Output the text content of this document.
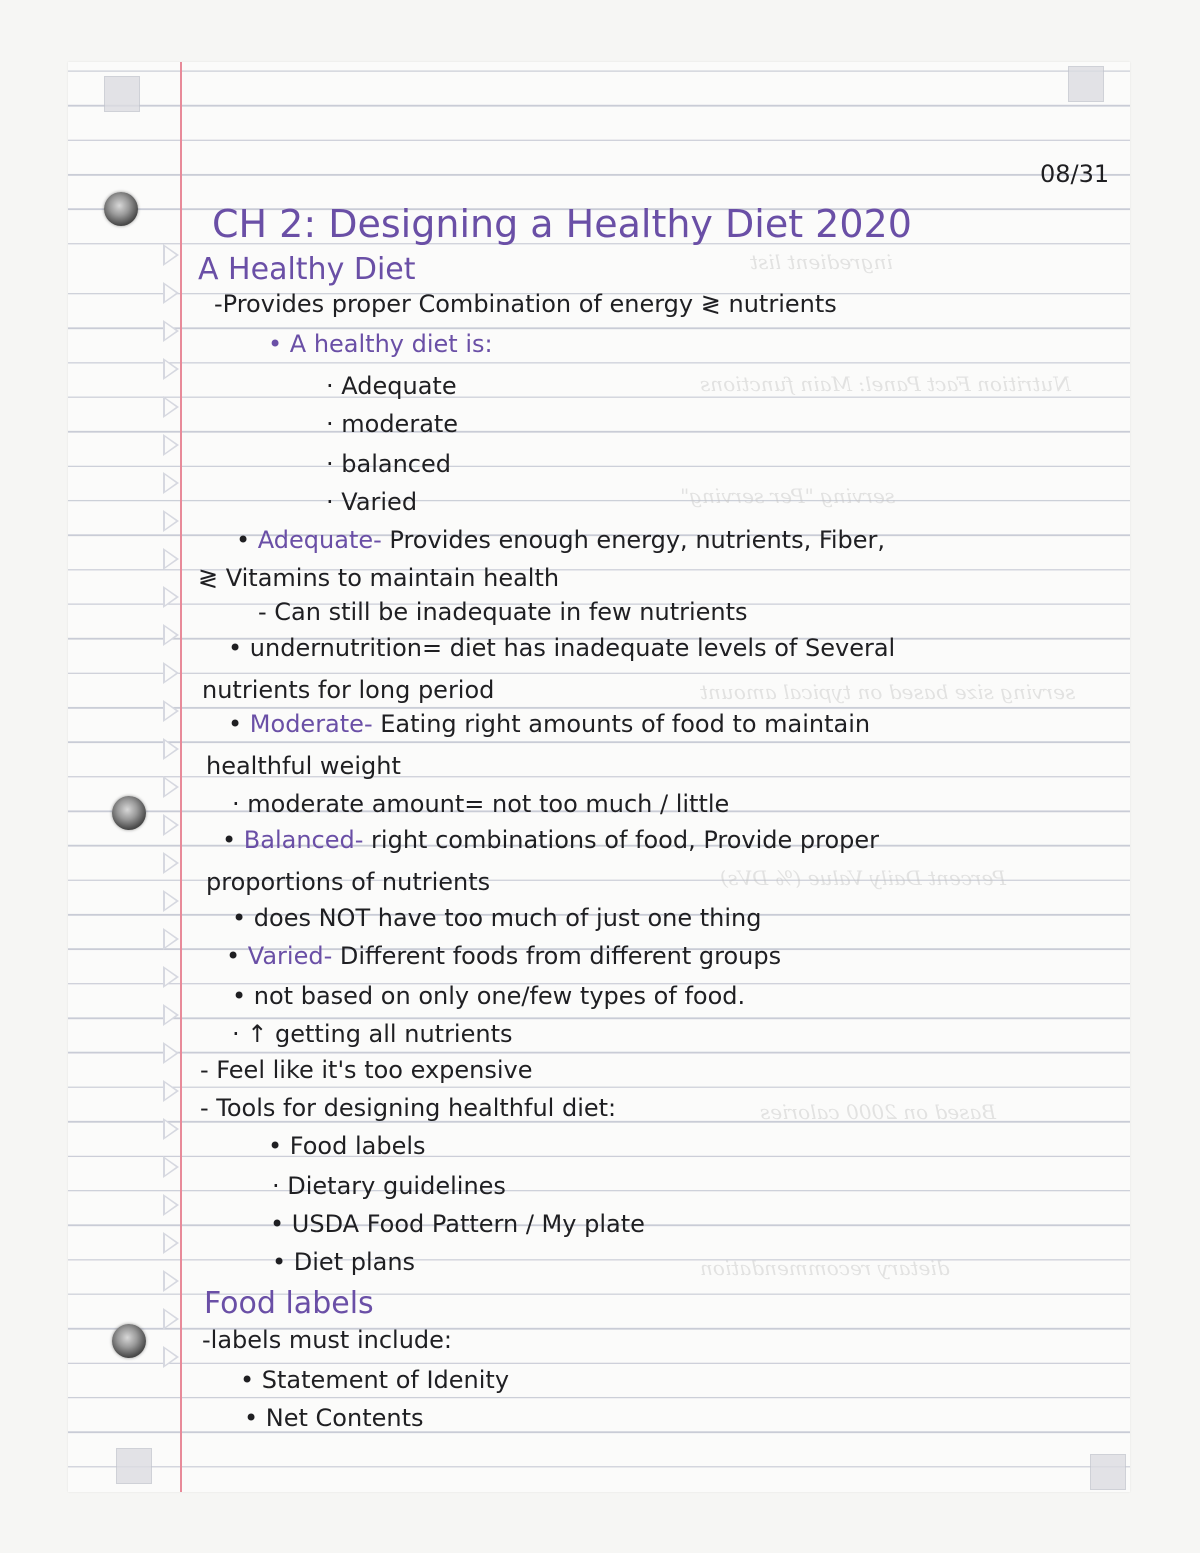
ingredient list
Nutrition Fact Panel: Main functions
serving "Per serving"
serving size based on typical amount
Percent Daily Value (% DVs)
Based on 2000 calories
dietary recommendation
08/31
CH 2: Designing a Healthy Diet 2020
A Healthy Diet
-Provides proper Combination of energy ≷ nutrients
• A healthy diet is:
· Adequate
· moderate
· balanced
· Varied
• Adequate- Provides enough energy, nutrients, Fiber,
≷ Vitamins to maintain health
- Can still be inadequate in few nutrients
• undernutrition= diet has inadequate levels of Several
nutrients for long period
• Moderate- Eating right amounts of food to maintain
healthful weight
· moderate amount= not too much / little
• Balanced- right combinations of food, Provide proper
proportions of nutrients
• does NOT have too much of just one thing
• Varied- Different foods from different groups
• not based on only one/few types of food.
· ↑ getting all nutrients
- Feel like it's too expensive
- Tools for designing healthful diet:
• Food labels
· Dietary guidelines
• USDA Food Pattern / My plate
• Diet plans
Food labels
-labels must include:
• Statement of Idenity
• Net Contents
